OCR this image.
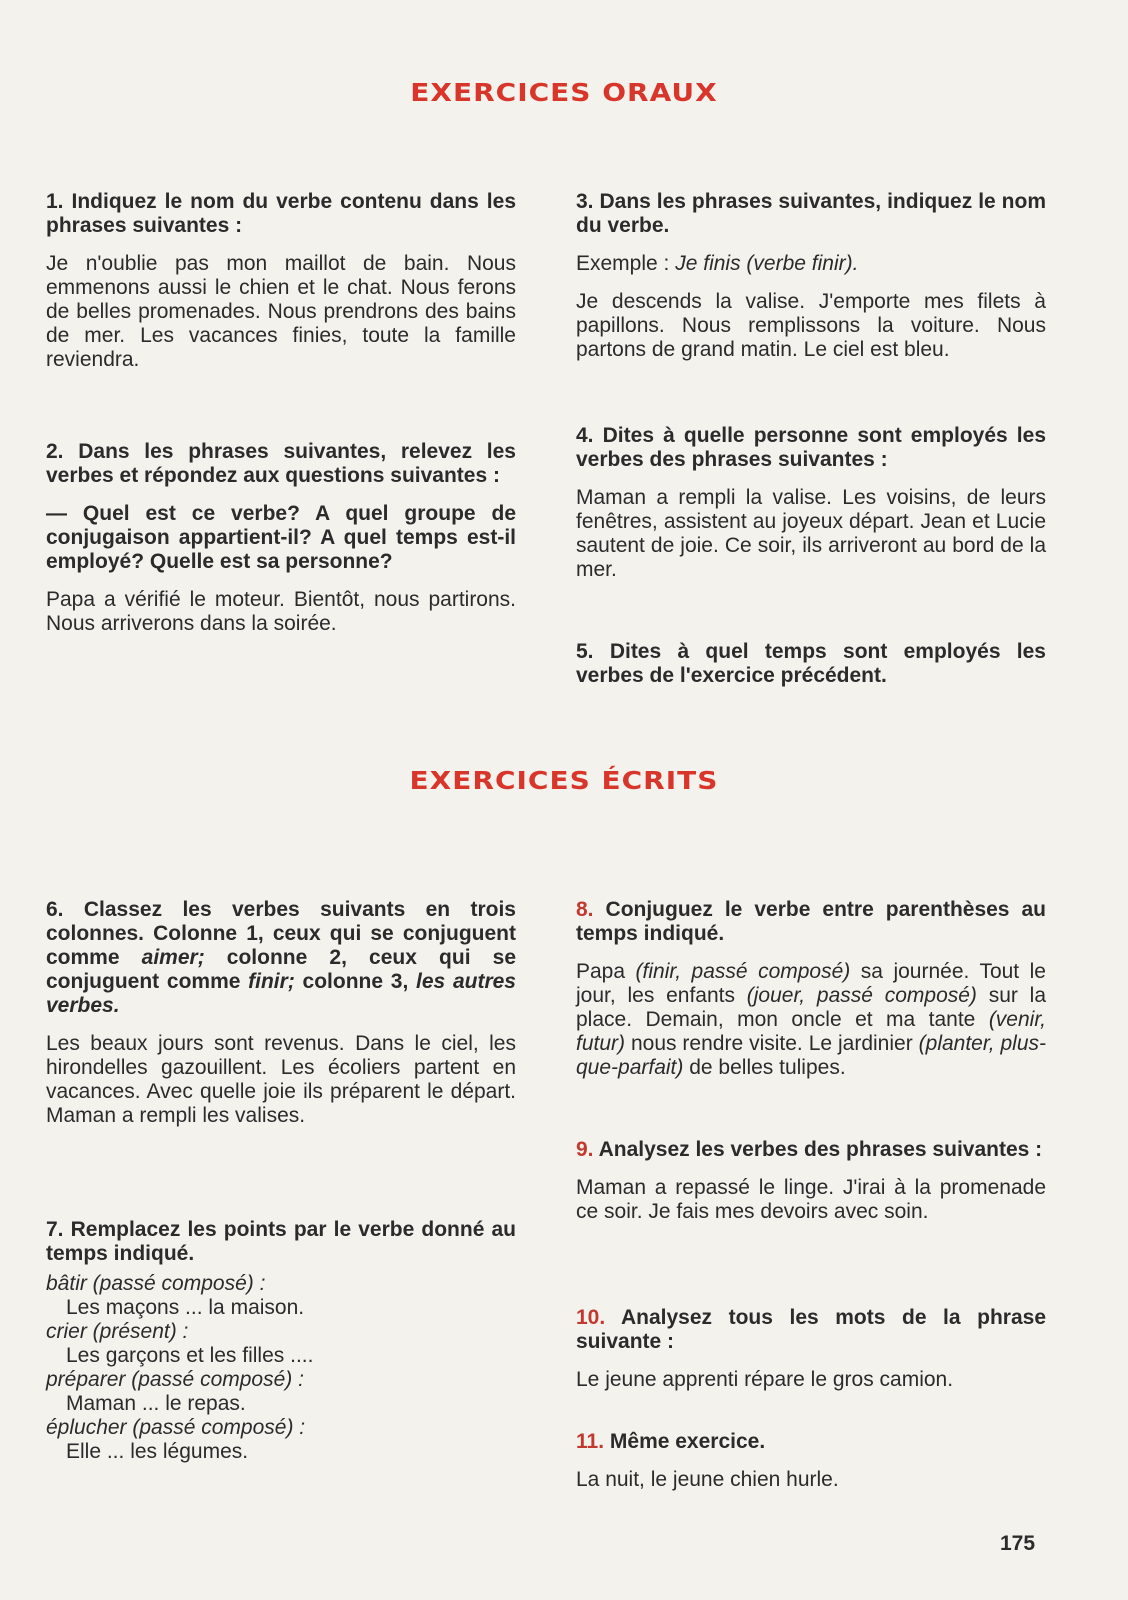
EXERCICES ORAUX

1. Indiquez le nom du verbe contenu dans les phrases suivantes :

Je n'oublie pas mon maillot de bain. Nous emmenons aussi le chien et le chat. Nous ferons de belles promenades. Nous prendrons des bains de mer. Les vacances finies, toute la famille reviendra.

2. Dans les phrases suivantes, relevez les verbes et répondez aux questions suivantes :

— Quel est ce verbe? A quel groupe de conjugaison appartient-il? A quel temps est-il employé? Quelle est sa personne?

Papa a vérifié le moteur. Bientôt, nous partirons. Nous arriverons dans la soirée.

3. Dans les phrases suivantes, indiquez le nom du verbe.

Exemple : Je finis (verbe finir).

Je descends la valise. J'emporte mes filets à papillons. Nous remplissons la voiture. Nous partons de grand matin. Le ciel est bleu.

4. Dites à quelle personne sont employés les verbes des phrases suivantes :

Maman a rempli la valise. Les voisins, de leurs fenêtres, assistent au joyeux départ. Jean et Lucie sautent de joie. Ce soir, ils arriveront au bord de la mer.

5. Dites à quel temps sont employés les verbes de l'exercice précédent.

EXERCICES ÉCRITS

6. Classez les verbes suivants en trois colonnes. Colonne 1, ceux qui se conjuguent comme aimer; colonne 2, ceux qui se conjuguent comme finir; colonne 3, les autres verbes.

Les beaux jours sont revenus. Dans le ciel, les hirondelles gazouillent. Les écoliers partent en vacances. Avec quelle joie ils préparent le départ. Maman a rempli les valises.

7. Remplacez les points par le verbe donné au temps indiqué.

bâtir (passé composé) :

Les maçons ... la maison.

crier (présent) :

Les garçons et les filles ....

préparer (passé composé) :

Maman ... le repas.

éplucher (passé composé) :

Elle ... les légumes.

8. Conjuguez le verbe entre parenthèses au temps indiqué.

Papa (finir, passé composé) sa journée. Tout le jour, les enfants (jouer, passé composé) sur la place. Demain, mon oncle et ma tante (venir, futur) nous rendre visite. Le jardinier (planter, plus-que-parfait) de belles tulipes.

9. Analysez les verbes des phrases suivantes :

Maman a repassé le linge. J'irai à la promenade ce soir. Je fais mes devoirs avec soin.

10. Analysez tous les mots de la phrase suivante :

Le jeune apprenti répare le gros camion.

11. Même exercice.

La nuit, le jeune chien hurle.

175
